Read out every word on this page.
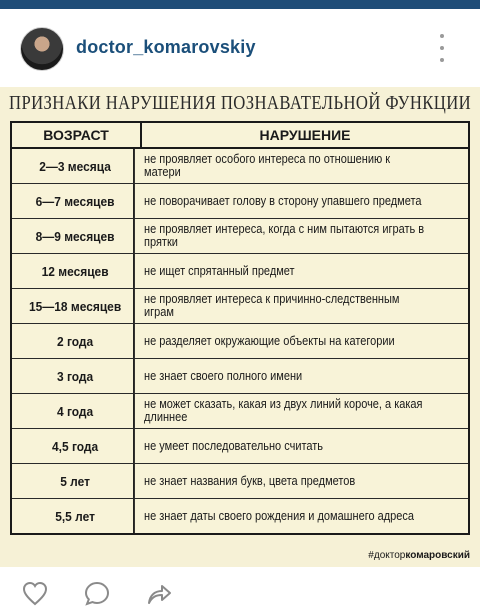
doctor_komarovskiy
ПРИЗНАКИ НАРУШЕНИЯ ПОЗНАВАТЕЛЬНОЙ ФУНКЦИИ
ВОЗРАСТ	НАРУШЕНИЕ
2—3 месяца	не проявляет особого интереса по отношению к матери
6—7 месяцев	не поворачивает голову в сторону упавшего предмета
8—9 месяцев	не проявляет интереса, когда с ним пытаются играть в прятки
12 месяцев	не ищет спрятанный предмет
15—18 месяцев	не проявляет интереса к причинно-следственным играм
2 года	не разделяет окружающие объекты на категории
3 года	не знает своего полного имени
4 года	не может сказать, какая из двух линий короче, а какая длиннее
4,5 года	не умеет последовательно считать
5 лет	не знает названия букв, цвета предметов
5,5 лет	не знает даты своего рождения и домашнего адреса
#докторкомаровский
